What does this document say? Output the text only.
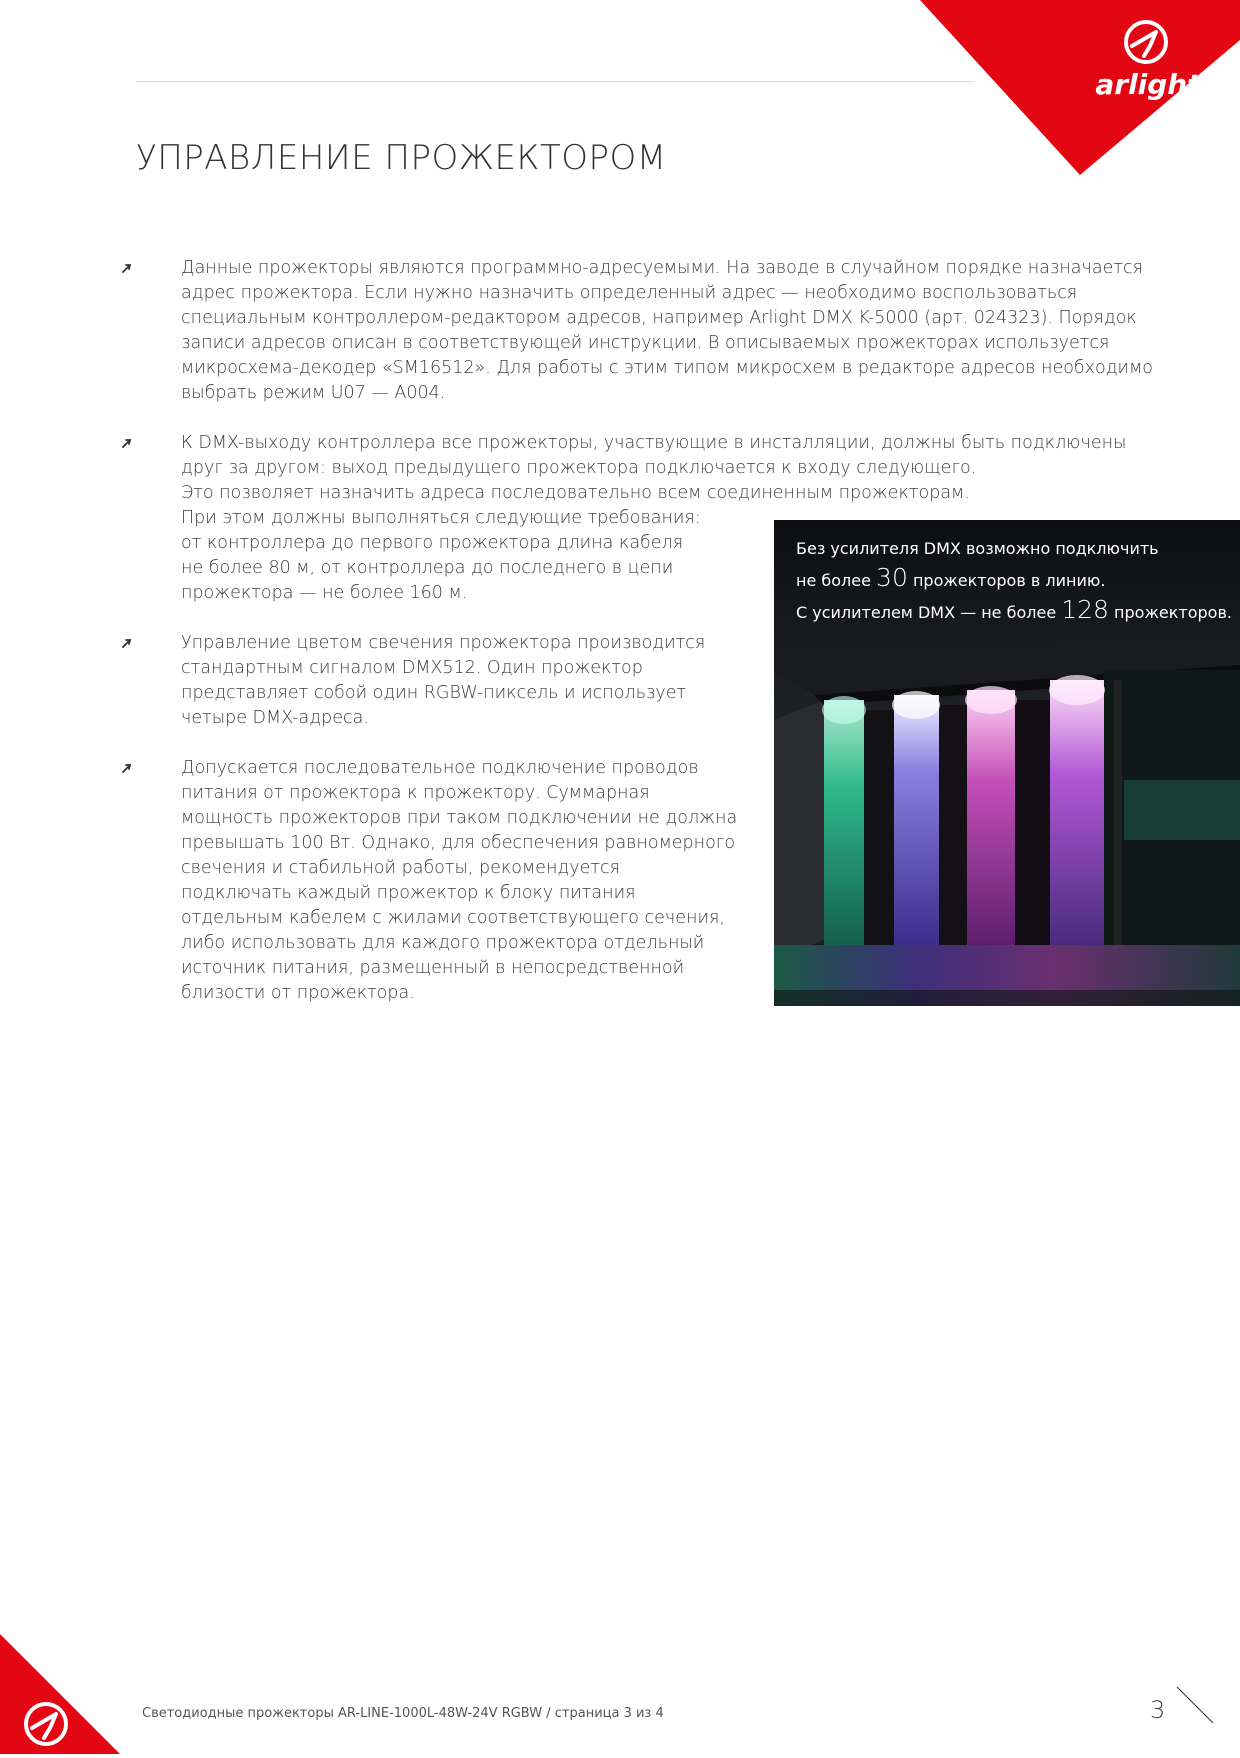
arlight
УПРАВЛЕНИЕ ПРОЖЕКТОРОМ

Данные прожекторы являются программно-адресуемыми. На заводе в случайном порядке назначается
адрес прожектора. Если нужно назначить определенный адрес — необходимо воспользоваться
специальным контроллером-редактором адресов, например Arlight DMX K-5000 (арт. 024323). Порядок
записи адресов описан в соответствующей инструкции. В описываемых прожекторах используется
микросхема-декодер «SM16512». Для работы с этим типом микросхем в редакторе адресов необходимо
выбрать режим U07 — A004.

К DMX-выходу контроллера все прожекторы, участвующие в инсталляции, должны быть подключены
друг за другом: выход предыдущего прожектора подключается к входу следующего.
Это позволяет назначить адреса последовательно всем соединенным прожекторам.
При этом должны выполняться следующие требования:
от контроллера до первого прожектора длина кабеля
не более 80 м, от контроллера до последнего в цепи
прожектора — не более 160 м.

Управление цветом свечения прожектора производится
стандартным сигналом DMX512. Один прожектор
представляет собой один RGBW-пиксель и использует
четыре DMX-адреса.

Допускается последовательное подключение проводов
питания от прожектора к прожектору. Суммарная
мощность прожекторов при таком подключении не должна
превышать 100 Вт. Однако, для обеспечения равномерного
свечения и стабильной работы, рекомендуется
подключать каждый прожектор к блоку питания
отдельным кабелем с жилами соответствующего сечения,
либо использовать для каждого прожектора отдельный
источник питания, размещенный в непосредственной
близости от прожектора.

Без усилителя DMX возможно подключить
не более 30 прожекторов в линию.
С усилителем DMX — не более 128 прожекторов.
Светодиодные прожекторы AR-LINE-1000L-48W-24V RGBW / страница 3 из 4	3
